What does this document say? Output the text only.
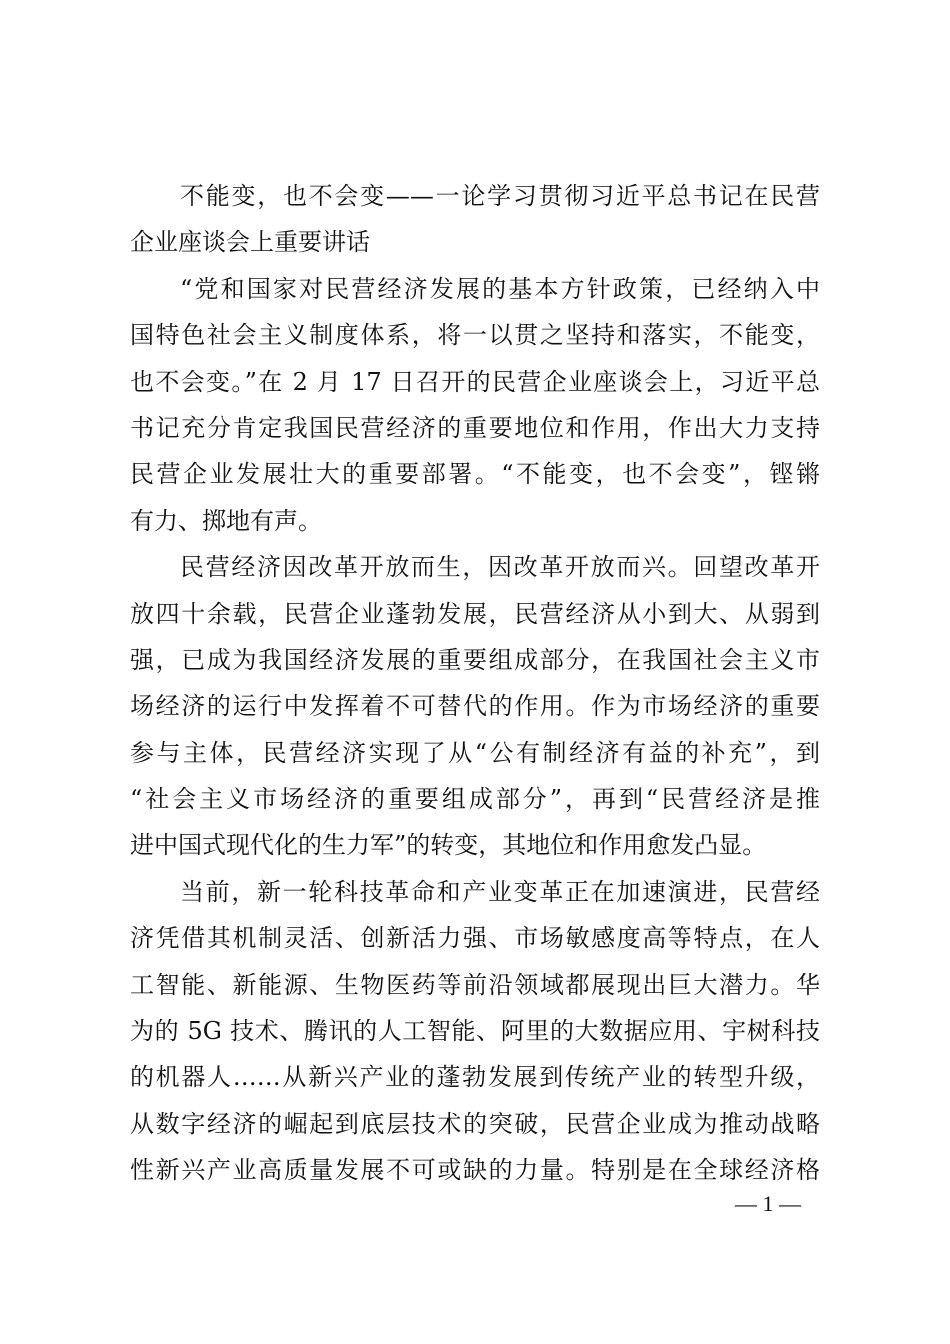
不能变，也不会变——一论学习贯彻习近平总书记在民营
企业座谈会上重要讲话
“党和国家对民营经济发展的基本方针政策，已经纳入中
国特色社会主义制度体系，将一以贯之坚持和落实，不能变，
也不会变。”在 2 月 17 日召开的民营企业座谈会上，习近平总
书记充分肯定我国民营经济的重要地位和作用，作出大力支持
民营企业发展壮大的重要部署。“不能变，也不会变”，铿锵
有力、掷地有声。
民营经济因改革开放而生，因改革开放而兴。回望改革开
放四十余载，民营企业蓬勃发展，民营经济从小到大、从弱到
强，已成为我国经济发展的重要组成部分，在我国社会主义市
场经济的运行中发挥着不可替代的作用。作为市场经济的重要
参与主体，民营经济实现了从“公有制经济有益的补充”，到
“社会主义市场经济的重要组成部分”，再到“民营经济是推
进中国式现代化的生力军”的转变，其地位和作用愈发凸显。
当前，新一轮科技革命和产业变革正在加速演进，民营经
济凭借其机制灵活、创新活力强、市场敏感度高等特点，在人
工智能、新能源、生物医药等前沿领域都展现出巨大潜力。华
为的 5G 技术、腾讯的人工智能、阿里的大数据应用、宇树科技
的机器人……从新兴产业的蓬勃发展到传统产业的转型升级，
从数字经济的崛起到底层技术的突破，民营企业成为推动战略
性新兴产业高质量发展不可或缺的力量。特别是在全球经济格
— 1 —
